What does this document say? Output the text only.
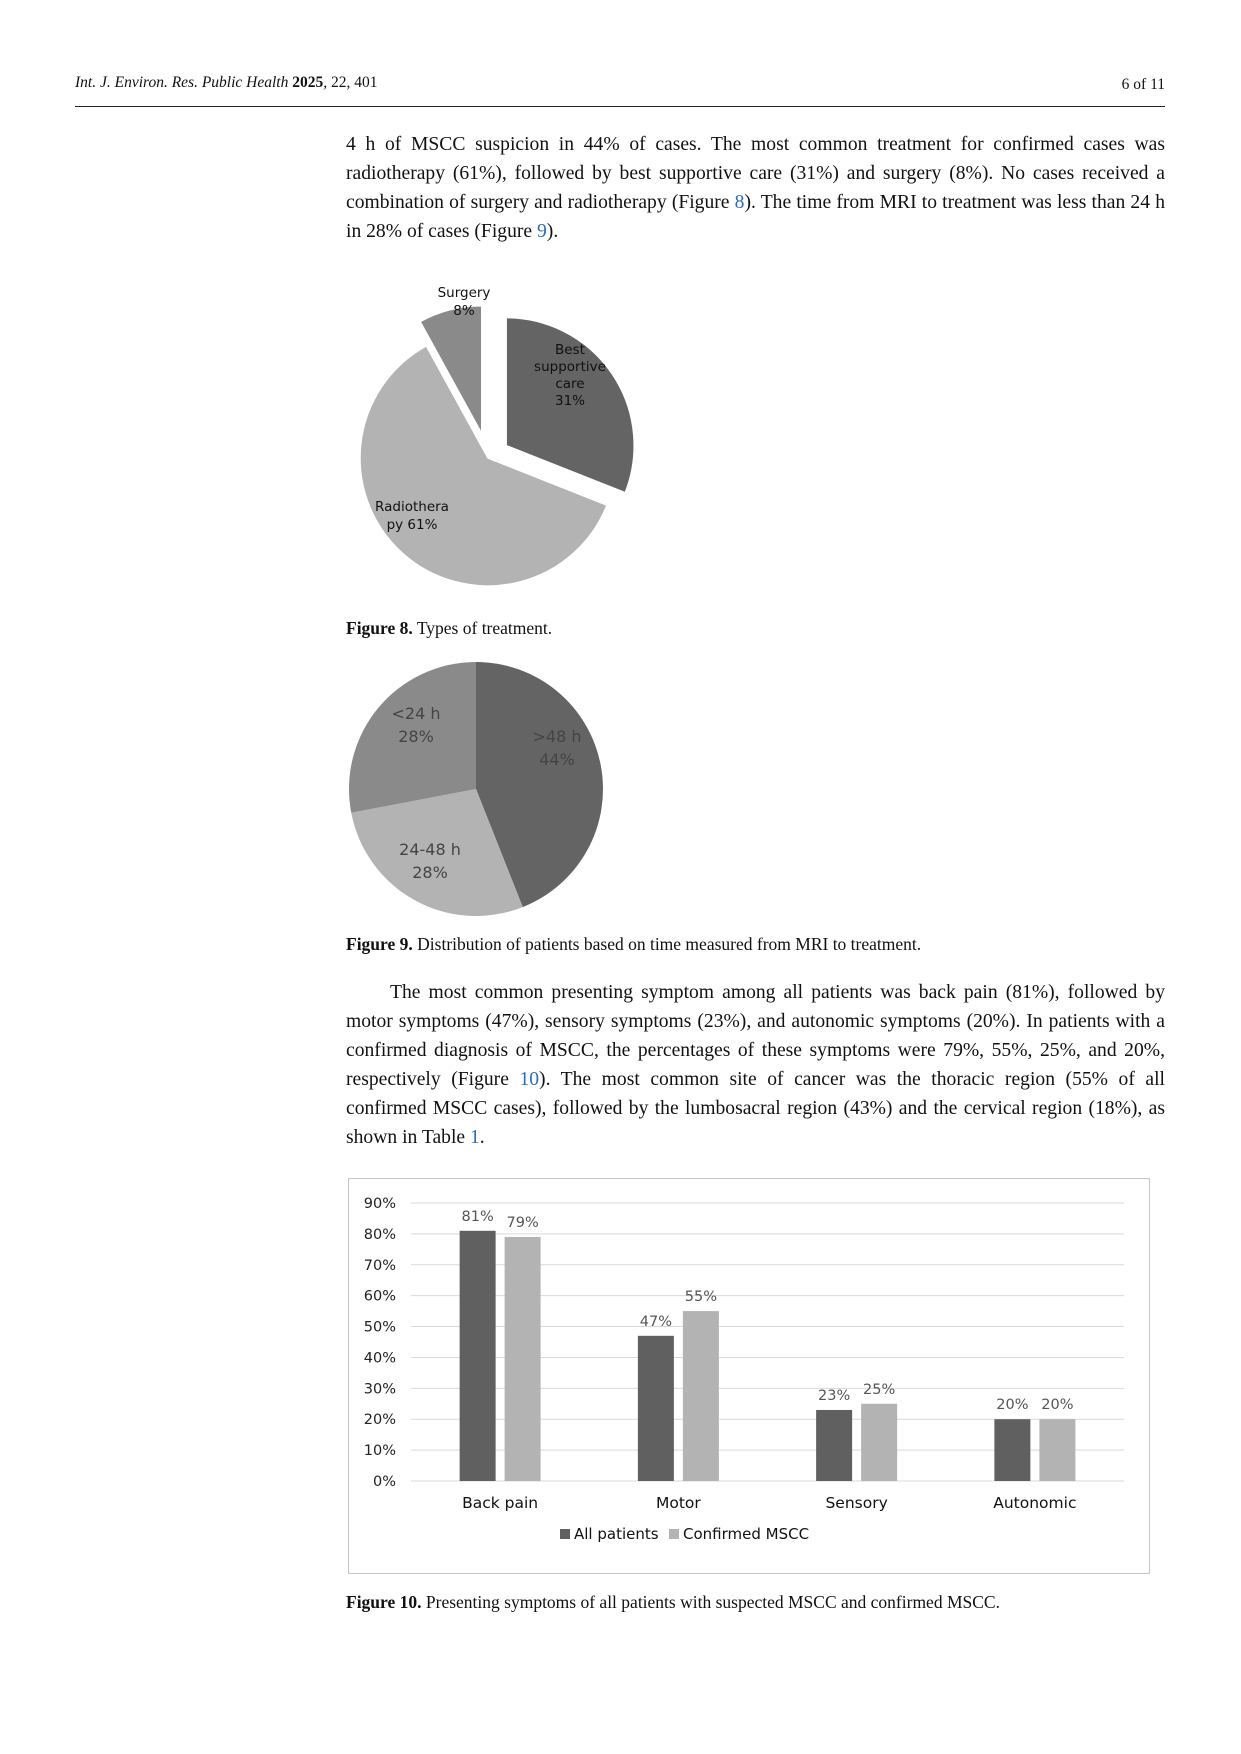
Int. J. Environ. Res. Public Health 2025, 22, 401	6 of 11

4 h of MSCC suspicion in 44% of cases. The most common treatment for confirmed cases was radiotherapy (61%), followed by best supportive care (31%) and surgery (8%). No cases received a combination of surgery and radiotherapy (Figure 8). The time from MRI to treatment was less than 24 h in 28% of cases (Figure 9).

Best
supportive
care
31%
Radiothera
py 61%
Surgery
8%
Figure 8. Types of treatment.
>48 h
44%
24-48 h
28%
<24 h
28%
Figure 9. Distribution of patients based on time measured from MRI to treatment.

The most common presenting symptom among all patients was back pain (81%), followed by motor symptoms (47%), sensory symptoms (23%), and autonomic symptoms (20%). In patients with a confirmed diagnosis of MSCC, the percentages of these symptoms were 79%, 55%, 25%, and 20%, respectively (Figure 10). The most common site of cancer was the thoracic region (55% of all confirmed MSCC cases), followed by the lumbosacral region (43%) and the cervical region (18%), as shown in Table 1.

0%
10%
20%
30%
40%
50%
60%
70%
80%
90%
81% 79%
Back pain
47%
55%
Motor
23% 25%
Sensory
20% 20%
Autonomic
All patients Confirmed MSCC
Figure 10. Presenting symptoms of all patients with suspected MSCC and confirmed MSCC.
